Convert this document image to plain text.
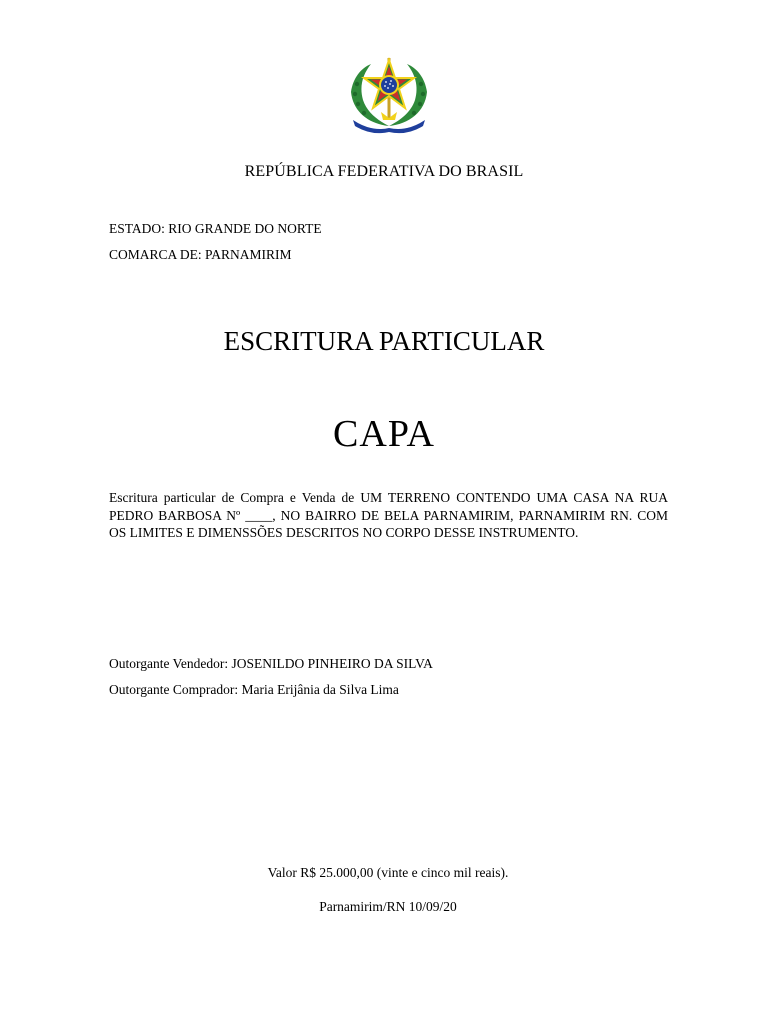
REPÚBLICA FEDERATIVA DO BRASIL
ESTADO: RIO GRANDE DO NORTE
COMARCA DE: PARNAMIRIM
ESCRITURA PARTICULAR
CAPA
Escritura particular de Compra e Venda de UM TERRENO CONTENDO UMA CASA NA RUA PEDRO BARBOSA Nº ____, NO BAIRRO DE BELA PARNAMIRIM, PARNAMIRIM RN. COM OS LIMITES E DIMENSSÕES DESCRITOS NO CORPO DESSE INSTRUMENTO.
Outorgante Vendedor: JOSENILDO PINHEIRO DA SILVA
Outorgante Comprador: Maria Erijânia da Silva Lima
Valor R$ 25.000,00 (vinte e cinco mil reais).
Parnamirim/RN 10/09/20
